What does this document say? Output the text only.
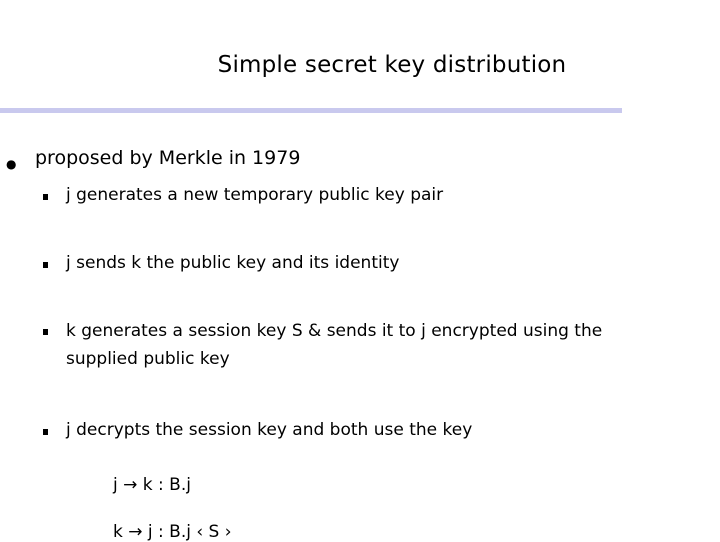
Simple secret key distribution
● proposed by Merkle in 1979
j generates a new temporary public key pair
j sends k the public key and its identity
k generates a session key S & sends it to j encrypted using the
supplied public key
j decrypts the session key and both use the key
j → k : B.j
k → j : B.j ‹ S ›
